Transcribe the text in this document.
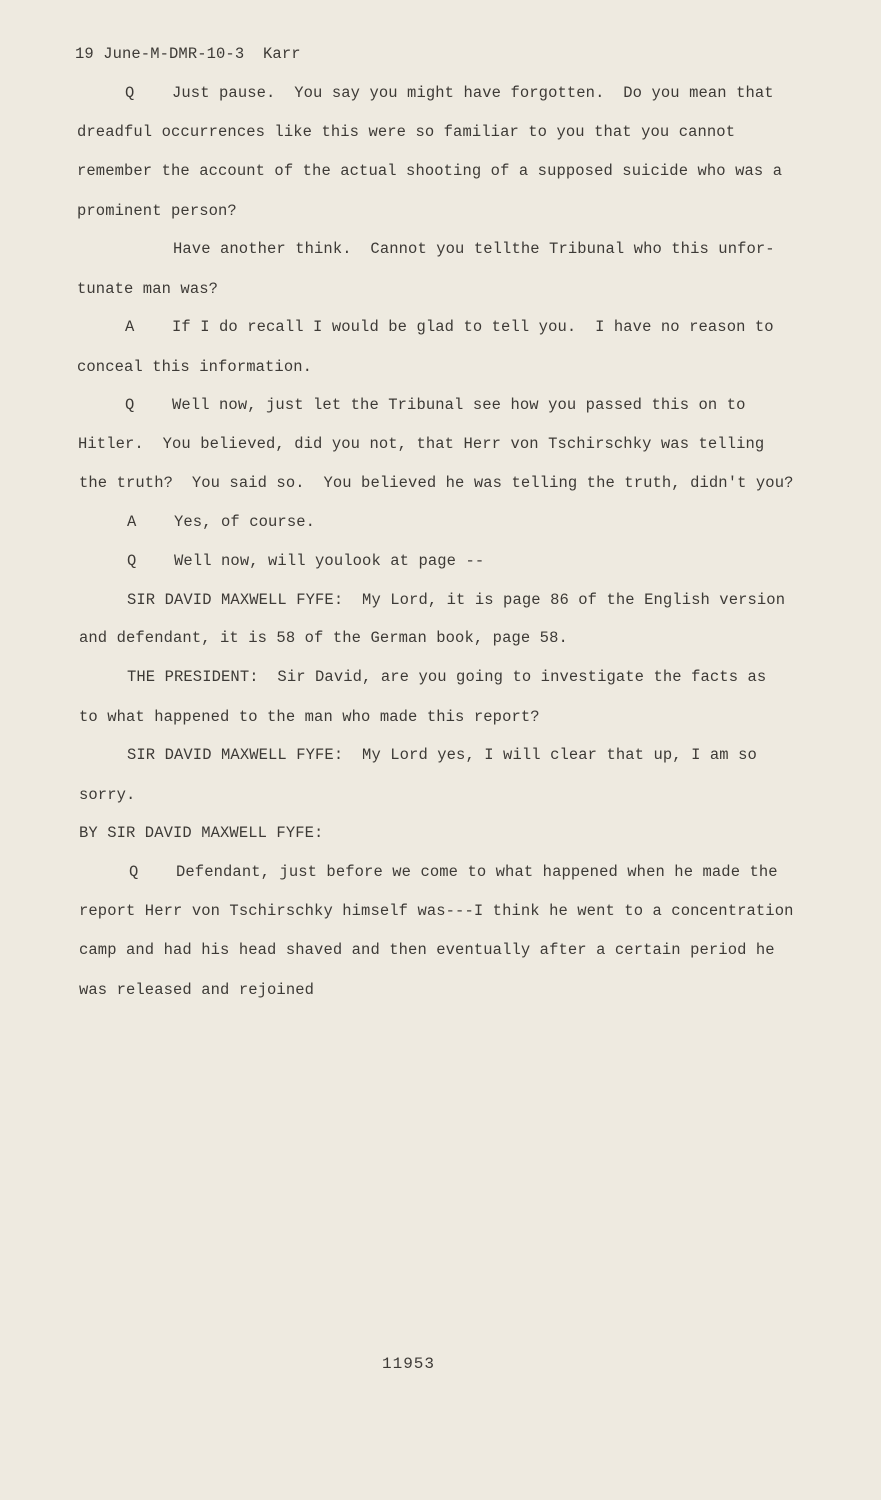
19 June-M-DMR-10-3  Karr
Q    Just pause.  You say you might have forgotten.  Do you mean that
dreadful occurrences like this were so familiar to you that you cannot
remember the account of the actual shooting of a supposed suicide who was a
prominent person?
Have another think.  Cannot you tellthe Tribunal who this unfor-
tunate man was?
A    If I do recall I would be glad to tell you.  I have no reason to
conceal this information.
Q    Well now, just let the Tribunal see how you passed this on to
Hitler.  You believed, did you not, that Herr von Tschirschky was telling
the truth?  You said so.  You believed he was telling the truth, didn't you?
A    Yes, of course.
Q    Well now, will youlook at page --
SIR DAVID MAXWELL FYFE:  My Lord, it is page 86 of the English version
and defendant, it is 58 of the German book, page 58.
THE PRESIDENT:  Sir David, are you going to investigate the facts as
to what happened to the man who made this report?
SIR DAVID MAXWELL FYFE:  My Lord yes, I will clear that up, I am so
sorry.
BY SIR DAVID MAXWELL FYFE:
Q    Defendant, just before we come to what happened when he made the
report Herr von Tschirschky himself was---I think he went to a concentration
camp and had his head shaved and then eventually after a certain period he
was released and rejoined
11953
